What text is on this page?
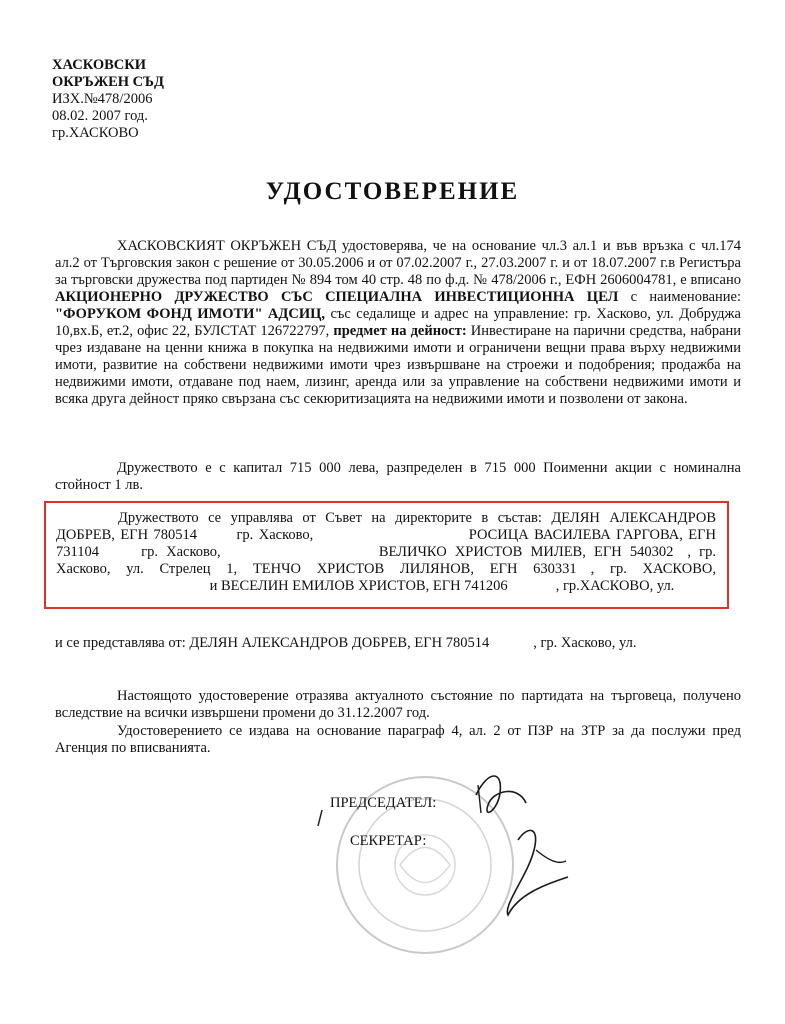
ХАСКОВСКИ
ОКРЪЖЕН СЪД
ИЗХ.№478/2006
08.02. 2007 год.
гр.ХАСКОВО
УДОСТОВЕРЕНИЕ

ХАСКОВСКИЯТ ОКРЪЖЕН СЪД удостоверява, че на основание чл.3 ал.1 и във връзка с чл.174 ал.2 от Търговския закон с решение от 30.05.2006 и от 07.02.2007 г., 27.03.2007 г. и от 18.07.2007 г.в Регистъра за търговски дружества под партиден № 894 том 40 стр. 48 по ф.д. № 478/2006 г., ЕФН 2606004781, е вписано АКЦИОНЕРНО ДРУЖЕСТВО СЪС СПЕЦИАЛНА ИНВЕСТИЦИОННА ЦЕЛ с наименование: "ФОРУКОМ ФОНД ИМОТИ" АДСИЦ, със седалище и адрес на управление: гр. Хасково, ул. Добруджа 10,вх.Б, ет.2, офис 22, БУЛСТАТ 126722797, предмет на дейност: Инвестиране на парични средства, набрани чрез издаване на ценни книжа в покупка на недвижими имоти и ограничени вещни права върху недвижими имоти, развитие на собствени недвижими имоти чрез извършване на строежи и подобрения; продажба на недвижими имоти, отдаване под наем, лизинг, аренда или за управление на собствени недвижими имоти и всяка друга дейност пряко свързана със секюритизацията на недвижими имоти и позволени от закона.

Дружеството е с капитал 715 000 лева, разпределен в 715 000 Поименни акции с номинална стойност 1 лв.

Дружеството се управлява от Съвет на директорите в състав: ДЕЛЯН АЛЕКСАНДРОВ ДОБРЕВ, ЕГН 780514	гр. Хасково,	РОСИЦА ВАСИЛЕВА ГАРГОВА, ЕГН 731104	гр. Хасково,	ВЕЛИЧКО ХРИСТОВ МИЛЕВ, ЕГН 540302 , гр. Хасково, ул. Стрелец 1, ТЕНЧО ХРИСТОВ ЛИЛЯНОВ, ЕГН 630331 , гр. ХАСКОВО, и ВЕСЕЛИН ЕМИЛОВ ХРИСТОВ, ЕГН 741206	, гр.ХАСКОВО, ул.

и се представлява от: ДЕЛЯН АЛЕКСАНДРОВ ДОБРЕВ, ЕГН 780514	, гр. Хасково, ул.

Настоящото удостоверение отразява актуалното състояние по партидата на търговеца, получено вследствие на всички извършени промени до 31.12.2007 год.

Удостоверението се издава на основание параграф 4, ал. 2 от ПЗР на ЗТР за да послужи пред Агенция по вписванията.

ПРЕДСЕДАТЕЛ:
СЕКРЕТАР:
